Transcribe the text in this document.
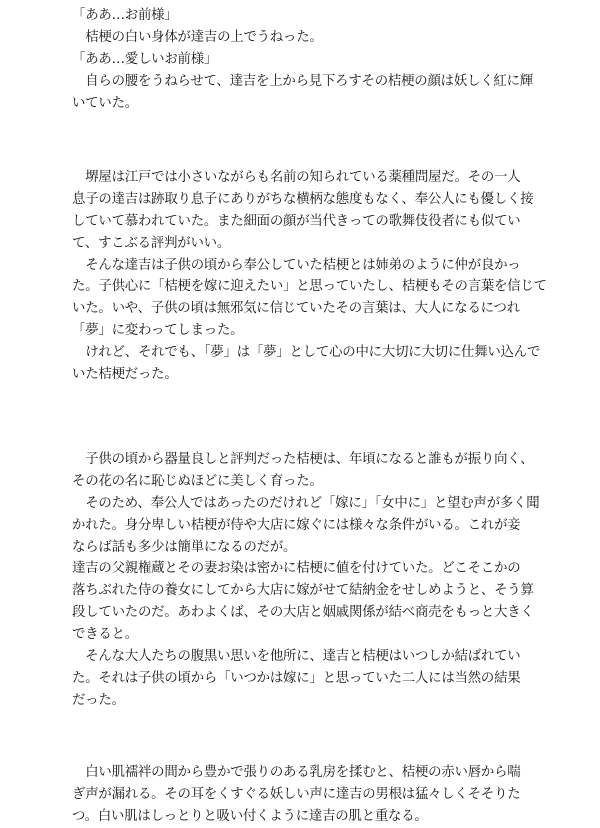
「ああ…お前様」
　桔梗の白い身体が達吉の上でうねった。
「ああ…愛しいお前様」
　自らの腰をうねらせて、達吉を上から見下ろすその桔梗の顔は妖しく紅に輝
いていた。
　堺屋は江戸では小さいながらも名前の知られている薬種問屋だ。その一人
息子の達吉は跡取り息子にありがちな横柄な態度もなく、奉公人にも優しく接
していて慕われていた。また細面の顔が当代きっての歌舞伎役者にも似てい
て、すこぶる評判がいい。
　そんな達吉は子供の頃から奉公していた桔梗とは姉弟のように仲が良かっ
た。子供心に「桔梗を嫁に迎えたい」と思っていたし、桔梗もその言葉を信じて
いた。いや、子供の頃は無邪気に信じていたその言葉は、大人になるにつれ
「夢」に変わってしまった。
　けれど、それでも、「夢」は「夢」として心の中に大切に大切に仕舞い込んで
いた桔梗だった。
　子供の頃から器量良しと評判だった桔梗は、年頃になると誰もが振り向く、
その花の名に恥じぬほどに美しく育った。
　そのため、奉公人ではあったのだけれど「嫁に」「女中に」と望む声が多く聞
かれた。身分卑しい桔梗が侍や大店に嫁ぐには様々な条件がいる。これが妾
ならば話も多少は簡単になるのだが。
達吉の父親権蔵とその妻お染は密かに桔梗に値を付けていた。どこそこかの
落ちぶれた侍の養女にしてから大店に嫁がせて結納金をせしめようと、そう算
段していたのだ。あわよくば、その大店と姻戚関係が結べ商売をもっと大きく
できると。
　そんな大人たちの腹黒い思いを他所に、達吉と桔梗はいつしか結ばれてい
た。それは子供の頃から「いつかは嫁に」と思っていた二人には当然の結果
だった。
　白い肌襦袢の間から豊かで張りのある乳房を揉むと、桔梗の赤い唇から喘
ぎ声が漏れる。その耳をくすぐる妖しい声に達吉の男根は猛々しくそそりた
つ。白い肌はしっとりと吸い付くように達吉の肌と重なる。
